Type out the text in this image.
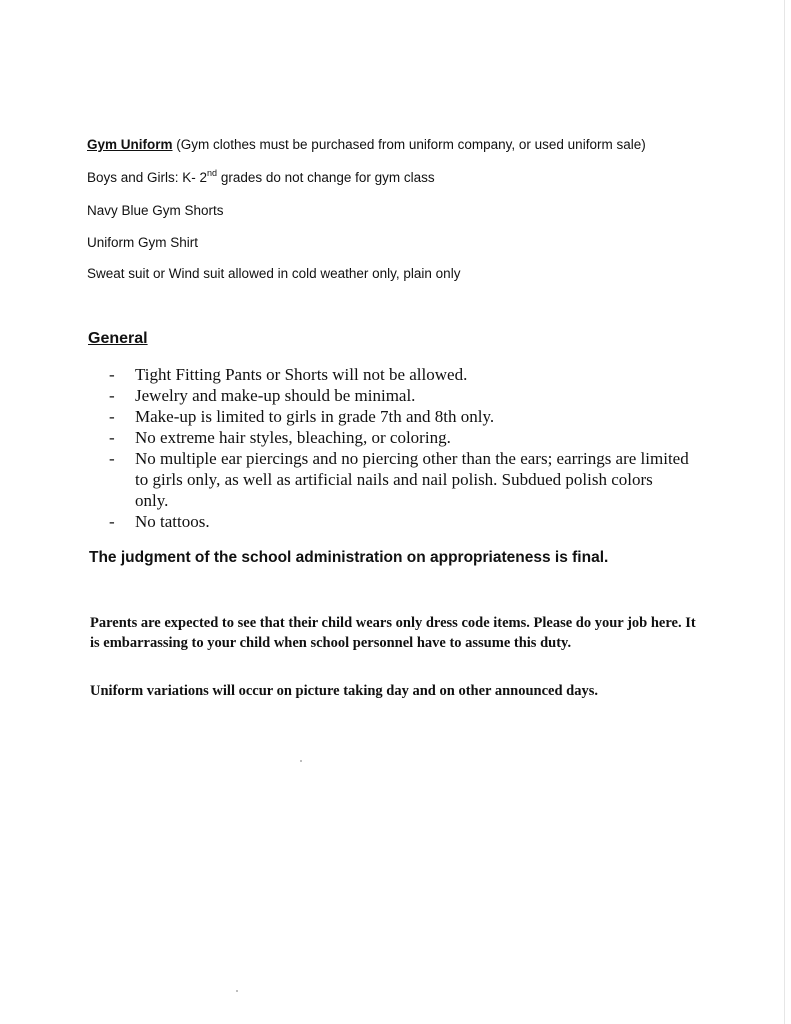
Gym Uniform (Gym clothes must be purchased from uniform company, or used uniform sale)
Boys and Girls: K- 2nd grades do not change for gym class
Navy Blue Gym Shorts
Uniform Gym Shirt
Sweat suit or Wind suit allowed in cold weather only, plain only
General
- Tight Fitting Pants or Shorts will not be allowed.
- Jewelry and make-up should be minimal.
- Make-up is limited to girls in grade 7th and 8th only.
- No extreme hair styles, bleaching, or coloring.
- No multiple ear piercings and no piercing other than the ears; earrings are limited to girls only, as well as artificial nails and nail polish. Subdued polish colors only.
- No tattoos.
The judgment of the school administration on appropriateness is final.
Parents are expected to see that their child wears only dress code items. Please do your job here. It is embarrassing to your child when school personnel have to assume this duty.
Uniform variations will occur on picture taking day and on other announced days.
